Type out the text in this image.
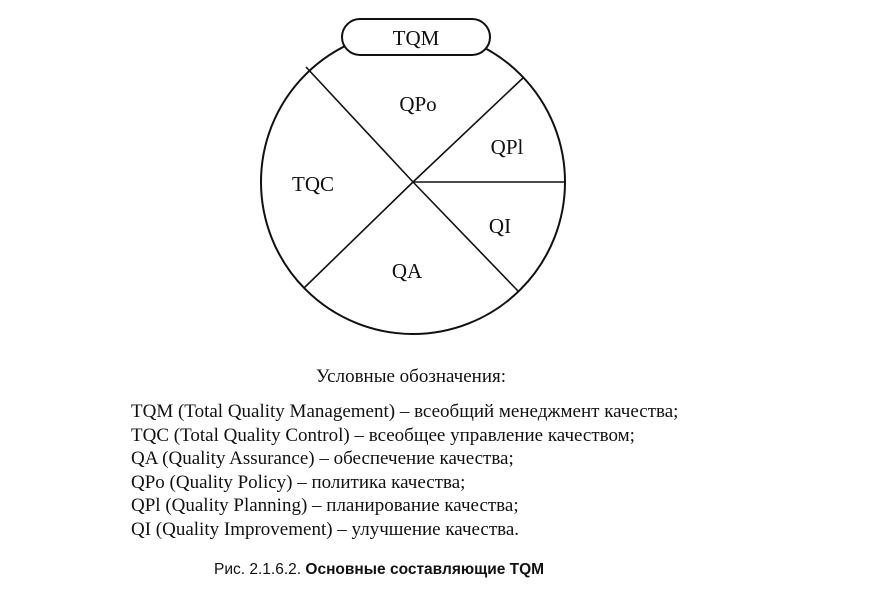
TQM
QPo
QPl
QI
QA
TQC
Условные обозначения:
TQM (Total Quality Management) – всеобщий менеджмент качества;
TQC (Total Quality Control) – всеобщее управление качеством;
QA (Quality Assurance) – обеспечение качества;
QPo (Quality Policy) – политика качества;
QPl (Quality Planning) – планирование качества;
QI (Quality Improvement) – улучшение качества.
Рис. 2.1.6.2. Основные составляющие TQM
